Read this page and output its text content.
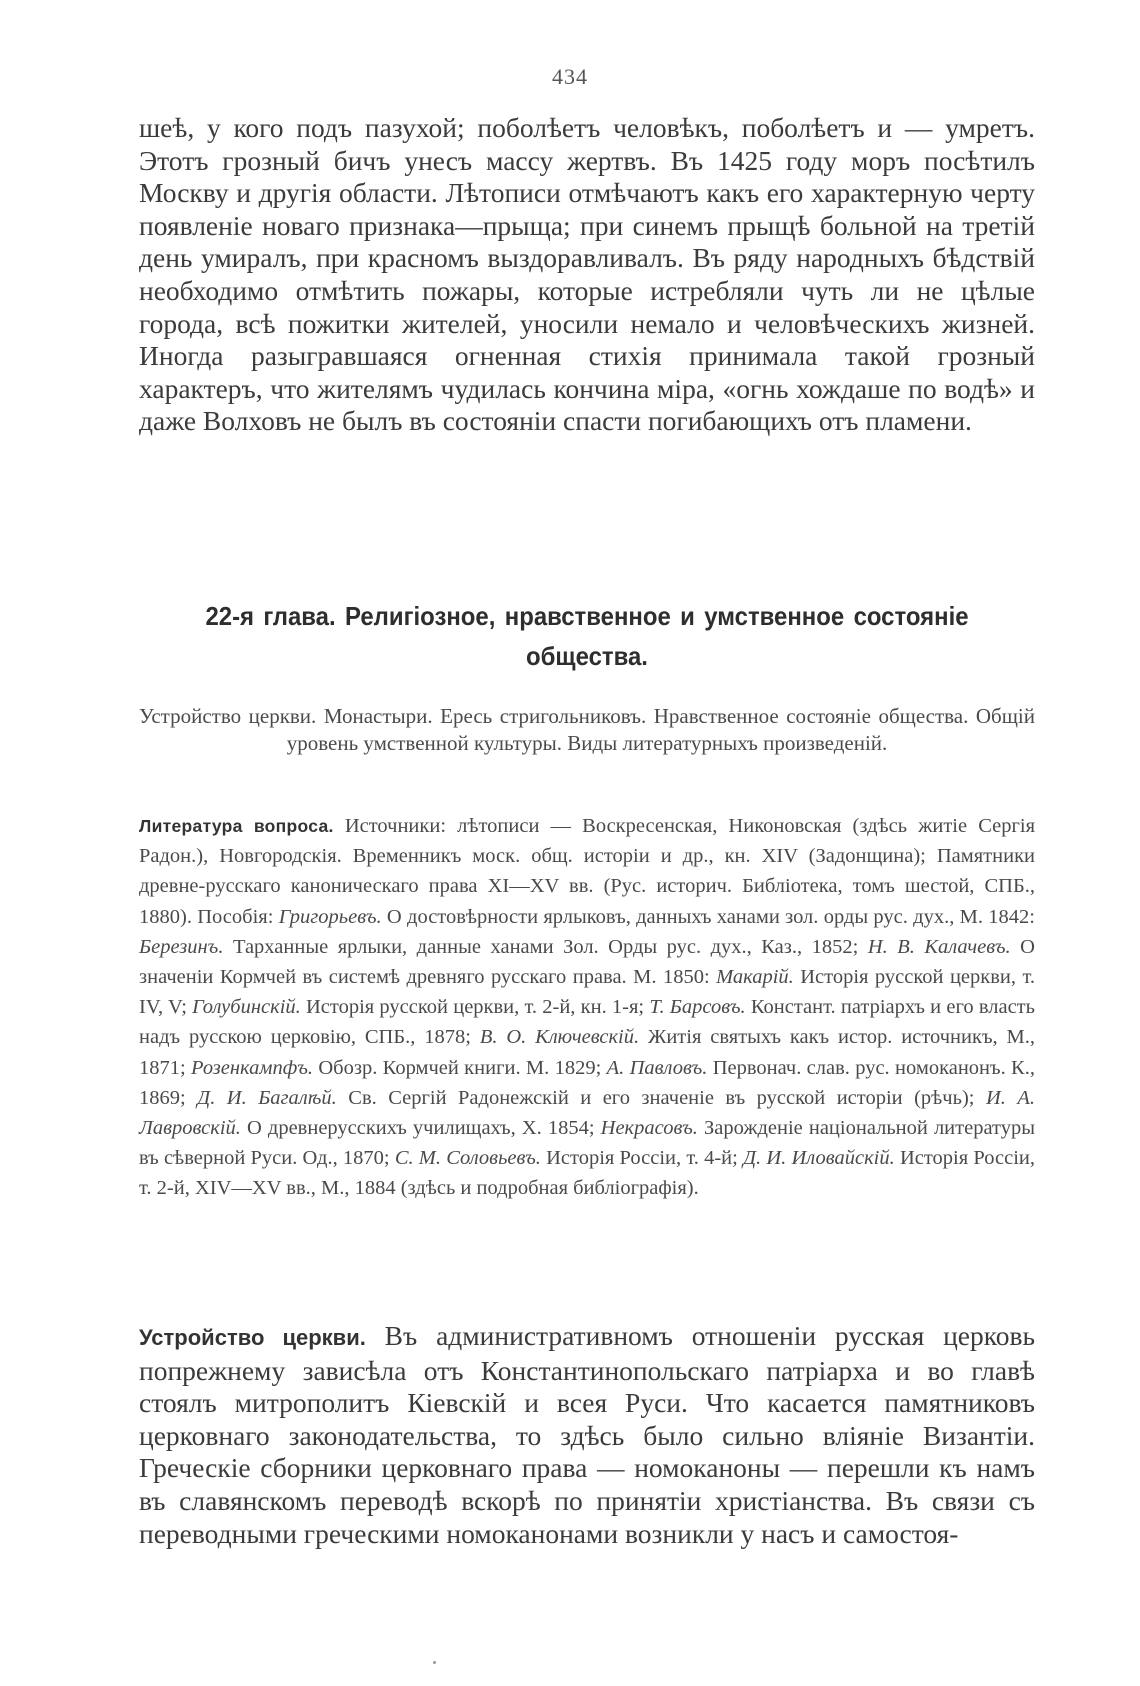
434

шеѣ, у кого подъ пазухой; поболѣетъ человѣкъ, поболѣетъ и — умретъ. Этотъ грозный бичъ унесъ массу жертвъ. Въ 1425 году моръ посѣтилъ Москву и другія области. Лѣтописи отмѣчаютъ какъ его характерную черту появленіе новаго признака—прыща; при синемъ прыщѣ больной на третій день умиралъ, при красномъ выздоравливалъ. Въ ряду народныхъ бѣдствій необходимо отмѣтить пожары, которые истребляли чуть ли не цѣлые города, всѣ пожитки жителей, уносили немало и человѣческихъ жизней. Иногда разыгравшаяся огненная стихія принимала такой грозный характеръ, что жителямъ чудилась кончина міра, «огнь хождаше по водѣ» и даже Волховъ не былъ въ состояніи спасти погибающихъ отъ пламени.

22-я глава. Религіозное, нравственное и умственное состояніе
общества.

Устройство церкви. Монастыри. Ересь стригольниковъ. Нравственное состояніе общества. Общій уровень умственной культуры. Виды литературныхъ произведеній.

Литература вопроса. Источники: лѣтописи — Воскресенская, Никоновская (здѣсь житіе Сергія Радон.), Новгородскія. Временникъ моск. общ. исторіи и др., кн. XIV (Задонщина); Памятники древне-русскаго каноническаго права XI—XV вв. (Рус. историч. Библіотека, томъ шестой, СПБ., 1880). Пособія: Григорьевъ. О достовѣрности ярлыковъ, данныхъ ханами зол. орды рус. дух., М. 1842: Березинъ. Тарханные ярлыки, данные ханами Зол. Орды рус. дух., Каз., 1852; Н. В. Калачевъ. О значеніи Кормчей въ системѣ древняго русскаго права. М. 1850: Макарій. Исторія русской церкви, т. IV, V; Голубинскій. Исторія русской церкви, т. 2-й, кн. 1-я; Т. Барсовъ. Констант. патріархъ и его власть надъ русскою церковію, СПБ., 1878; В. О. Ключевскій. Житія святыхъ какъ истор. источникъ, М., 1871; Розенкампфъ. Обозр. Кормчей книги. М. 1829; А. Павловъ. Первонач. слав. рус. номоканонъ. К., 1869; Д. И. Багалѣй. Св. Сергій Радонежскій и его значеніе въ русской исторіи (рѣчь); И. А. Лавровскій. О древнерусскихъ училищахъ, Х. 1854; Некрасовъ. Зарожденіе національной литературы въ сѣверной Руси. Од., 1870; С. М. Соловьевъ. Исторія Россіи, т. 4-й; Д. И. Иловайскій. Исторія Россіи, т. 2-й, XIV—XV вв., М., 1884 (здѣсь и подробная библіографія).

Устройство церкви. Въ административномъ отношеніи русская церковь попрежнему зависѣла отъ Константинопольскаго патріарха и во главѣ стоялъ митрополитъ Кіевскій и всея Руси. Что касается памятниковъ церковнаго законодательства, то здѣсь было сильно вліяніе Византіи. Греческіе сборники церковнаго права — номоканоны — перешли къ намъ въ славянскомъ переводѣ вскорѣ по принятіи христіанства. Въ связи съ переводными греческими номоканонами возникли у насъ и самостоя-
